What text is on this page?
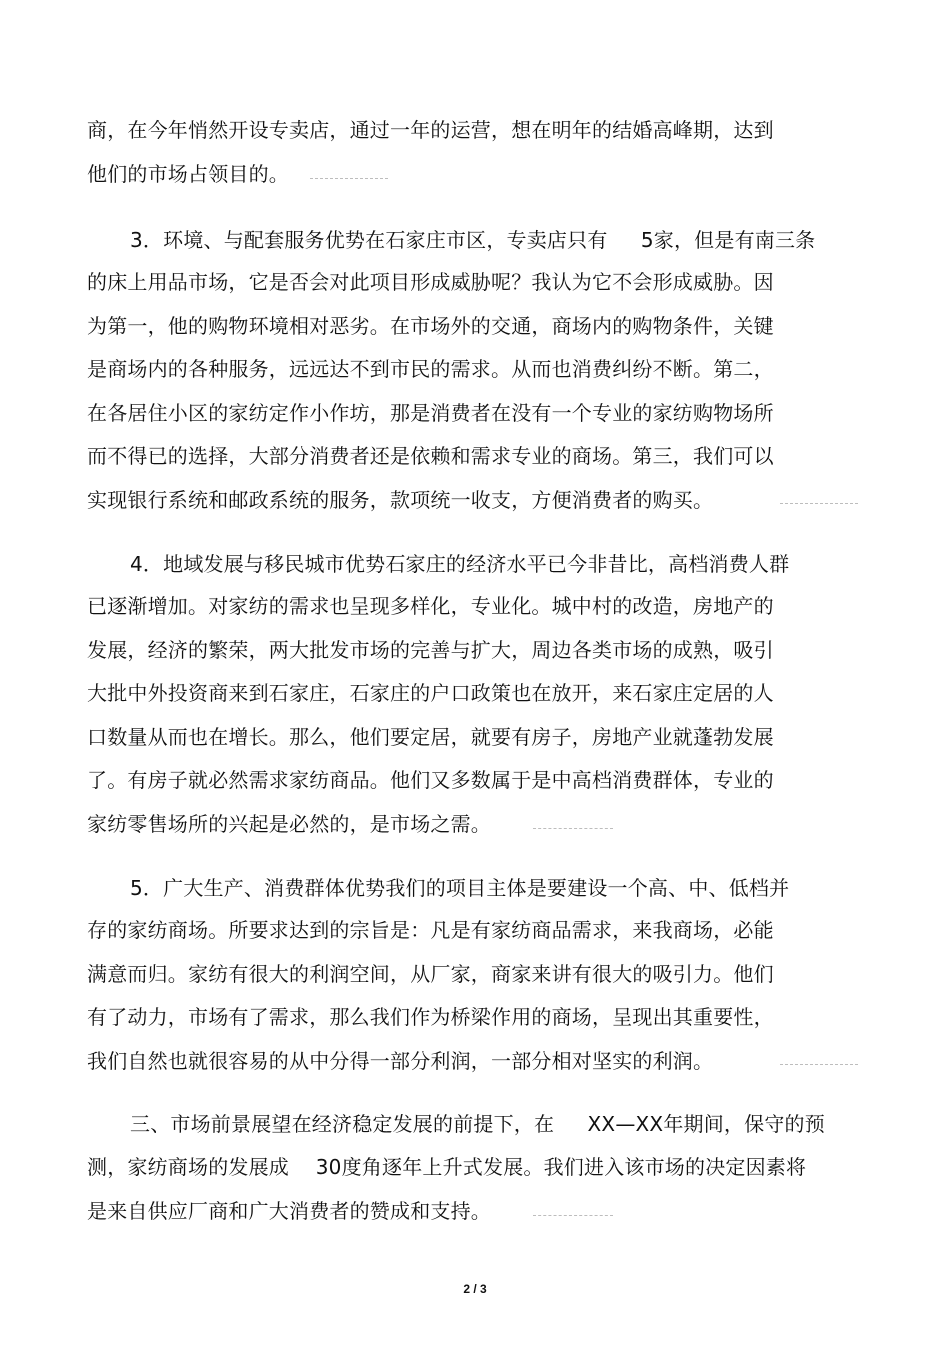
商，在今年悄然开设专卖店，通过一年的运营，想在明年的结婚高峰期，达到
他们的市场占领目的。
3．环境、与配套服务优势在石家庄市区，专卖店只有 　 5家，但是有南三条
的床上用品市场，它是否会对此项目形成威胁呢？我认为它不会形成威胁。因
为第一，他的购物环境相对恶劣。在市场外的交通，商场内的购物条件，关键
是商场内的各种服务，远远达不到市民的需求。从而也消费纠纷不断。第二，
在各居住小区的家纺定作小作坊，那是消费者在没有一个专业的家纺购物场所
而不得已的选择，大部分消费者还是依赖和需求专业的商场。第三，我们可以
实现银行系统和邮政系统的服务，款项统一收支，方便消费者的购买。
4．地域发展与移民城市优势石家庄的经济水平已今非昔比，高档消费人群
已逐渐增加。对家纺的需求也呈现多样化，专业化。城中村的改造，房地产的
发展，经济的繁荣，两大批发市场的完善与扩大，周边各类市场的成熟，吸引
大批中外投资商来到石家庄，石家庄的户口政策也在放开，来石家庄定居的人
口数量从而也在增长。那么，他们要定居，就要有房子，房地产业就蓬勃发展
了。有房子就必然需求家纺商品。他们又多数属于是中高档消费群体，专业的
家纺零售场所的兴起是必然的，是市场之需。
5．广大生产、消费群体优势我们的项目主体是要建设一个高、中、低档并
存的家纺商场。所要求达到的宗旨是：凡是有家纺商品需求，来我商场，必能
满意而归。家纺有很大的利润空间，从厂家，商家来讲有很大的吸引力。他们
有了动力，市场有了需求，那么我们作为桥梁作用的商场，呈现出其重要性，
我们自然也就很容易的从中分得一部分利润，一部分相对坚实的利润。
三、市场前景展望在经济稳定发展的前提下，在 　 XX—XX年期间，保守的预
测，家纺商场的发展成 　30度角逐年上升式发展。我们进入该市场的决定因素将
是来自供应厂商和广大消费者的赞成和支持。
2 / 3
